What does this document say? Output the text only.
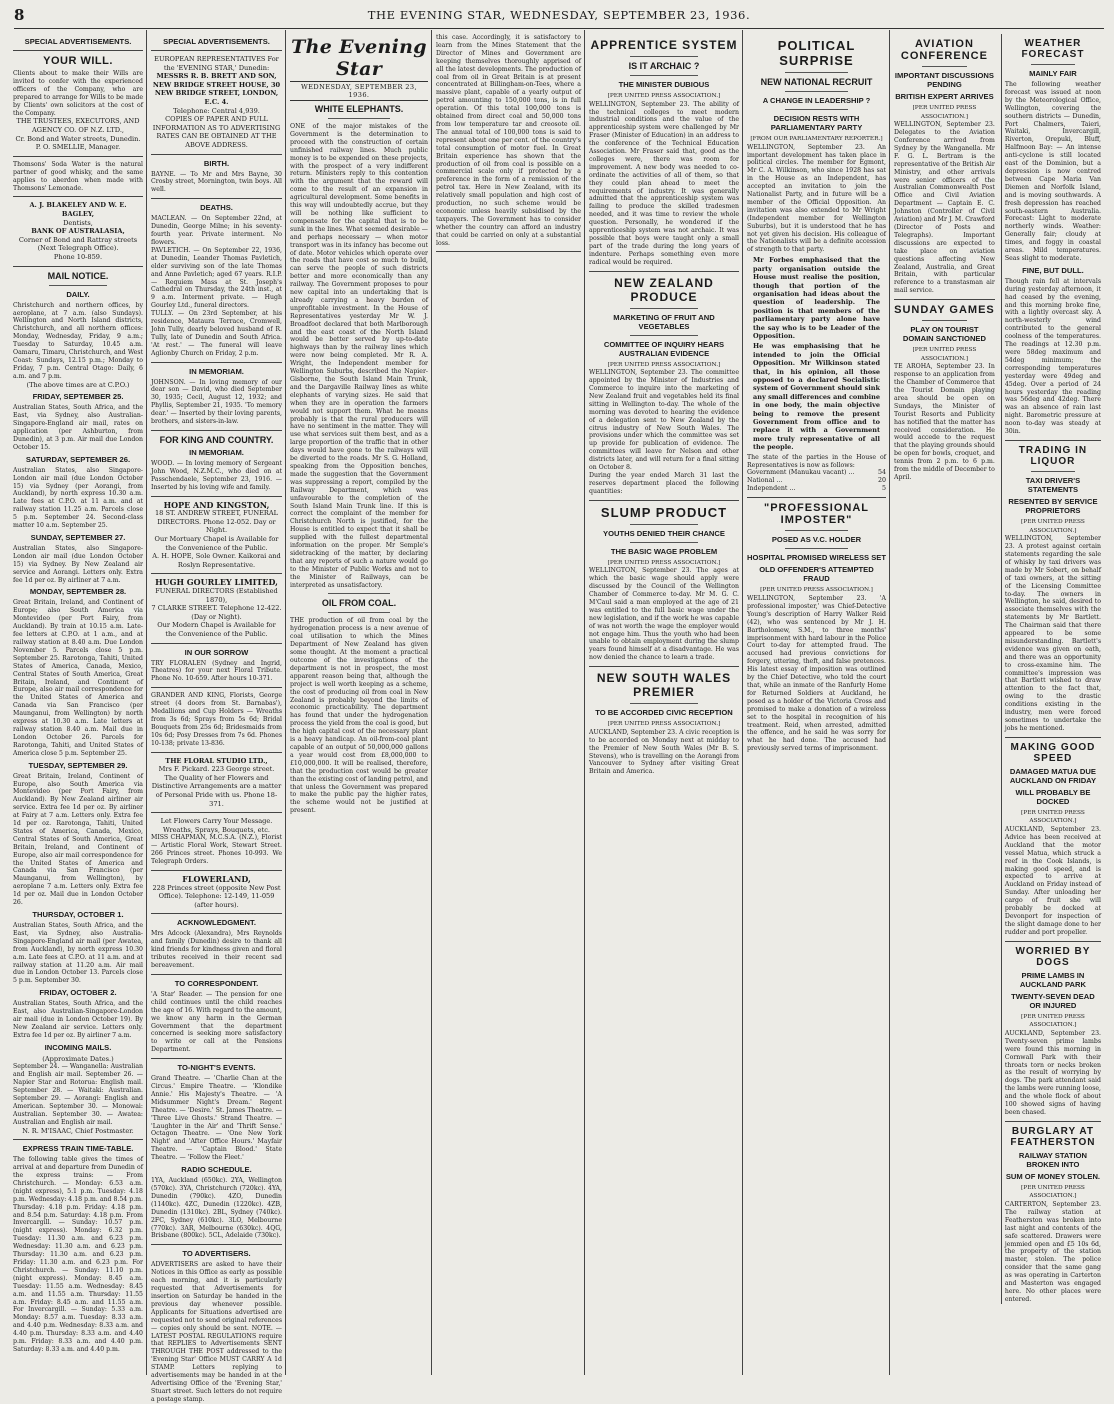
8	THE EVENING STAR, WEDNESDAY, SEPTEMBER 23, 1936.
SPECIAL ADVERTISEMENTS.
YOUR WILL.

Clients about to make their Wills are invited to confer with the experienced officers of the Company, who are prepared to arrange for Wills to be made by Clients' own solicitors at the cost of the Company.

THE TRUSTEES, EXECUTORS, AND AGENCY CO. OF N.Z. LTD.,
Cr. Bond and Water streets, Dunedin.
P. O. SMELLIE, Manager.

Thomsons' Soda Water is the natural partner of good whisky, and the same applies to aberdon when made with Thomsons' Lemonade.

A. J. BLAKELEY AND W. E. BAGLEY,
Dentists,
BANK OF AUSTRALASIA,
Corner of Bond and Rattray streets (Next Telegraph Office).
Phone 10-859.
MAIL NOTICE.
DAILY.

Christchurch and northern offices, by aeroplane, at 7 a.m. (also Sundays). Wellington and North Island districts, Christchurch, and all northern offices: Monday, Wednesday, Friday, 9 a.m.; Tuesday to Saturday, 10.45 a.m. Oamaru, Timaru, Christchurch, and West Coast: Sundays, 12.15 p.m.; Monday to Friday, 7 p.m. Central Otago: Daily, 6 a.m. and 7 p.m.

(The above times are at C.P.O.)
FRIDAY, SEPTEMBER 25.

Australian States, South Africa, and the East, via Sydney, also Australian-Singapore-England air mail, rates on application (per Ashburton, from Dunedin), at 3 p.m. Air mail due London October 15.

SATURDAY, SEPTEMBER 26.

Australian States, also Singapore-London air mail (due London October 15) via Sydney (per Aorangi, from Auckland), by north express 10.30 a.m. Late fees at C.P.O. at 11 a.m. and at railway station 11.25 a.m. Parcels close 5 p.m. September 24. Second-class matter 10 a.m. September 25.

SUNDAY, SEPTEMBER 27.

Australian States, also Singapore-London air mail (due London October 15) via Sydney. By New Zealand air service and Aorangi. Letters only. Extra fee 1d per oz. By airliner at 7 a.m.

MONDAY, SEPTEMBER 28.

Great Britain, Ireland, and Continent of Europe; also South America via Montevideo (per Port Fairy, from Auckland). By train at 10.15 a.m. Late-fee letters at C.P.O. at 1 a.m., and at railway station at 8.40 a.m. Due London November 5. Parcels close 5 p.m. September 25. Rarotonga, Tahiti, United States of America, Canada, Mexico, Central States of South America, Great Britain, Ireland, and Continent of Europe, also air mail correspondence for the United States of America and Canada via San Francisco (per Maunganui, from Wellington) by north express at 10.30 a.m. Late letters at railway station 8.40 a.m. Mail due in London October 26. Parcels for Rarotonga, Tahiti, and United States of America close 5 p.m. September 25.

TUESDAY, SEPTEMBER 29.

Great Britain, Ireland, Continent of Europe, also South America via Montevideo (per Port Fairy, from Auckland). By New Zealand airliner air service. Extra fee 1d per oz. By airliner at Fairy at 7 a.m. Letters only. Extra fee 1d per oz. Rarotonga, Tahiti, United States of America, Canada, Mexico, Central States of South America, Great Britain, Ireland, and Continent of Europe, also air mail correspondence for the United States of America and Canada via San Francisco (per Maunganui, from Wellington), by aeroplane 7 a.m. Letters only. Extra fee 1d per oz. Mail due in London October 26.

THURSDAY, OCTOBER 1.

Australian States, South Africa, and the East, via Sydney, also Australia-Singapore-England air mail (per Awatea, from Auckland), by north express 10.30 a.m. Late fees at C.P.O. at 11 a.m. and at railway station at 11.20 a.m. Air mail due in London October 13. Parcels close 5 p.m. September 30.

FRIDAY, OCTOBER 2.

Australian States, South Africa, and the East, also Australian-Singapore-London air mail (due in London October 19). By New Zealand air service. Letters only. Extra fee 1d per oz. By airliner 7 a.m.

INCOMING MAILS.
(Approximate Dates.)

September 24. — Wanganella: Australian and English air mail. September 26. — Napier Star and Rotorua: English mail. September 28. — Waitaki: Australian. September 29. — Aorangi: English and American. September 30. — Monowai: Australian. September 30. — Awatea: Australian and English air mail.

N. R. M'ISAAC, Chief Postmaster.
EXPRESS TRAIN TIME-TABLE.

The following table gives the times of arrival at and departure from Dunedin of the express trains: — From Christchurch. — Monday: 6.53 a.m. (night express), 5.1 p.m. Tuesday: 4.18 p.m. Wednesday: 4.18 p.m. and 8.54 p.m. Thursday: 4.18 p.m. Friday: 4.18 p.m. and 8.54 p.m. Saturday: 4.18 p.m. From Invercargill. — Sunday: 10.57 p.m. (night express). Monday: 6.32 p.m. Tuesday: 11.30 a.m. and 6.23 p.m. Wednesday: 11.30 a.m. and 6.23 p.m. Thursday: 11.30 a.m. and 6.23 p.m. Friday: 11.30 a.m. and 6.23 p.m. For Christchurch. — Sunday: 11.10 p.m. (night express). Monday: 8.45 a.m. Tuesday: 11.55 a.m. Wednesday: 8.45 a.m. and 11.55 a.m. Thursday: 11.55 a.m. Friday: 8.45 a.m. and 11.55 a.m. For Invercargill. — Sunday: 5.33 a.m. Monday: 8.57 a.m. Tuesday: 8.33 a.m. and 4.40 p.m. Wednesday: 8.33 a.m. and 4.40 p.m. Thursday: 8.33 a.m. and 4.40 p.m. Friday: 8.33 a.m. and 4.40 p.m. Saturday: 8.33 a.m. and 4.40 p.m.

SPECIAL ADVERTISEMENTS.
EUROPEAN REPRESENTATIVES For the 'EVENING STAR,' Dunedin:
MESSRS R. B. BRETT AND SON, NEW BRIDGE STREET HOUSE, 30 NEW BRIDGE STREET, LONDON, E.C. 4.
Telephone: Central 4,939.
COPIES OF PAPER AND FULL INFORMATION AS TO ADVERTISING RATES CAN BE OBTAINED AT THE ABOVE ADDRESS.
BIRTH.

BAYNE. — To Mr and Mrs Bayne, 30 Crosby street, Mornington, twin boys. All well.

DEATHS.

MACLEAN. — On September 22nd, at Dunedin, George Milne; in his seventy-fourth year. Private interment. No flowers.

PAVLETICH. — On September 22, 1936, at Dunedin, Leander Thomas Pavletich, elder surviving son of the late Thomas and Anne Pavletich; aged 67 years. R.I.P. — Requiem Mass at St. Joseph's Cathedral on Thursday, the 24th inst., at 9 a.m. Interment private. — Hugh Gourley Ltd., funeral directors.

TULLY. — On 23rd September, at his residence, Mataura Terrace, Cromwell, John Tully, dearly beloved husband of R. Tully, late of Dunedin and South Africa. 'At rest.' — The funeral will leave Aglionby Church on Friday, 2 p.m.

IN MEMORIAM.

JOHNSON. — In loving memory of our dear son — David, who died September 30, 1935; Cecil, August 12, 1932; and Phyllis, September 21, 1935. 'To memory dear.' — Inserted by their loving parents, brothers, and sisters-in-law.

FOR KING AND COUNTRY.
IN MEMORIAM.

WOOD. — In loving memory of Sergeant John Wood, N.Z.M.C., who died on at Passchendaele, September 23, 1916. — Inserted by his loving wife and family.

HOPE AND KINGSTON,
18 ST. ANDREW STREET, FUNERAL DIRECTORS. Phone 12-052. Day or Night.
Our Mortuary Chapel is Available for the Convenience of the Public.
A. H. HOPE, Sole Owner. Kaikorai and Roslyn Representative.
HUGH GOURLEY LIMITED,
FUNERAL DIRECTORS (Established 1870),
7 CLARKE STREET. Telephone 12-422. (Day or Night).
Our Modern Chapel is Available for the Convenience of the Public.
IN OUR SORROW

TRY FLORALEN (Sydney and Ingrid, Theatres) for your next Floral Tribute. Phone No. 10-659. After hours 10-371.

GRANDER AND KING, Florists, George street (4 doors from St. Barnabas'), Medallions and Cup Holders — Wreaths from 3s 6d; Sprays from 5s 6d; Bridal Bouquets from 25s 6d; Bridesmaids from 10s 6d; Posy Dresses from 7s 6d. Phones 10-138; private 13-836.

THE FLORAL STUDIO LTD.,
Mrs F. Pickard. 223 George street.
The Quality of her Flowers and Distinctive Arrangements are a matter of Personal Pride with us. Phone 18-371.
Let Flowers Carry Your Message. Wreaths, Sprays, Bouquets, etc.

MISS CHAPMAN, M.C.S.A. (N.Z.), Florist — Artistic Floral Work, Stewart Street. 266 Princes street. Phones 10-993. We Telegraph Orders.

FLOWERLAND,
228 Princes street (opposite New Post Office). Telephone: 12-149, 11-059 (after hours).
ACKNOWLEDGMENT.

Mrs Adcock (Alexandra), Mrs Reynolds and family (Dunedin) desire to thank all kind friends for kindness given and floral tributes received in their recent sad bereavement.

TO CORRESPONDENT.

'A Star' Reader. — The pension for one child continues until the child reaches the age of 16. With regard to the amount, we know any harm in the German Government that the department concerned is seeking more satisfactory to write or call at the Pensions Department.

TO-NIGHT'S EVENTS.

Grand Theatre. — 'Charlie Chan at the Circus.' Empire Theatre. — 'Klondike Annie.' His Majesty's Theatre. — 'A Midsummer Night's Dream.' Regent Theatre. — 'Desire.' St. James Theatre. — 'Three Live Ghosts.' Strand Theatre. — 'Laughter in the Air' and 'Thrift Sense.' Octagon Theatre. — 'One New York Night' and 'After Office Hours.' Mayfair Theatre. — 'Captain Blood.' State Theatre. — 'Follow the Fleet.'

RADIO SCHEDULE.

1YA, Auckland (650kc). 2YA, Wellington (570kc). 3YA, Christchurch (720kc). 4YA, Dunedin (790kc). 4ZO, Dunedin (1140kc). 4ZC, Dunedin (1220kc). 4ZB, Dunedin (1310kc). 2BL, Sydney (740kc). 2FC, Sydney (610kc). 3LO, Melbourne (770kc). 3AR, Melbourne (630kc). 4QG, Brisbane (800kc). 5CL, Adelaide (730kc).

TO ADVERTISERS.

ADVERTISERS are asked to have their Notices in this Office as early as possible each morning, and it is particularly requested that Advertisements for insertion on Saturday be handed in the previous day whenever possible. Applicants for Situations advertised are requested not to send original references — copies only should be sent. NOTE. — LATEST POSTAL REGULATIONS require that REPLIES to Advertisements SENT THROUGH THE POST addressed to the 'Evening Star' Office MUST CARRY A 1d STAMP. Letters replying to advertisements may be handed in at the Advertising Office of the 'Evening Star,' Stuart street. Such letters do not require a postage stamp.

The Evening Star
WEDNESDAY, SEPTEMBER 23, 1936.
WHITE ELEPHANTS.

ONE of the major mistakes of the Government is the determination to proceed with the construction of certain unfinished railway lines. Much public money is to be expended on these projects, with the prospect of a very indifferent return. Ministers reply to this contention with the argument that the reward will come to the result of an expansion in agricultural development. Some benefits in this way will undoubtedly accrue, but they will be nothing like sufficient to compensate for the capital that is to be sunk in the lines. What seemed desirable — and perhaps necessary — when motor transport was in its infancy has become out of date. Motor vehicles which operate over the roads that have cost so much to build, can serve the people of such districts better and more economically than any railway. The Government proposes to pour new capital into an undertaking that is already carrying a heavy burden of unprofitable investment. In the House of Representatives yesterday Mr W. J. Broadfoot declared that both Marlborough and the east coast of the North Island would be better served by up-to-date highways than by the railway lines which were now being completed. Mr R. A. Wright, the Independent member for Wellington Suburbs, described the Napier-Gisborne, the South Island Main Trunk, and the Dargaville Railway lines as white elephants of varying sizes. He said that when they are in operation the farmers would not support them. What he means probably is that the rural producers will have no sentiment in the matter. They will use what services suit them best, and as a large proportion of the traffic that in other days would have gone to the railways will be diverted to the roads. Mr S. G. Holland, speaking from the Opposition benches, made the suggestion that the Government was suppressing a report, compiled by the Railway Department, which was unfavourable to the completion of the South Island Main Trunk line. If this is correct the complaint of the member for Christchurch North is justified, for the House is entitled to expect that it shall be supplied with the fullest departmental information on the proper. Mr Semple's sidetracking of the matter, by declaring that any reports of such a nature would go to the Minister of Public Works and not to the Minister of Railways, can be interpreted as unsatisfactory.

OIL FROM COAL.

THE production of oil from coal by the hydrogenation process is a new avenue of coal utilisation to which the Mines Department of New Zealand has given some thought. At the moment a practical outcome of the investigations of the department is not in prospect, the most apparent reason being that, although the project is well worth keeping as a scheme, the cost of producing oil from coal in New Zealand is probably beyond the limits of economic practicability. The department has found that under the hydrogenation process the yield from the coal is good, but the high capital cost of the necessary plant is a heavy handicap. An oil-from-coal plant capable of an output of 50,000,000 gallons a year would cost from £8,000,000 to £10,000,000. It will be realised, therefore, that the production cost would be greater than the existing cost of landing petrol, and that unless the Government was prepared to make the public pay the higher rates, the scheme would not be justified at present.

this case. Accordingly, it is satisfactory to learn from the Mines Statement that the Director of Mines and Government are keeping themselves thoroughly apprised of all the latest developments. The production of coal from oil in Great Britain is at present concentrated at Billingham-on-Tees, where a massive plant, capable of a yearly output of petrol amounting to 150,000 tons, is in full operation. Of this total 100,000 tons is obtained from direct coal and 50,000 tons from low temperature tar and creosote oil. The annual total of 100,000 tons is said to represent about one per cent. of the country's total consumption of motor fuel. In Great Britain experience has shown that the production of oil from coal is possible on a commercial scale only if protected by a preference in the form of a remission of the petrol tax. Here in New Zealand, with its relatively small population and high cost of production, no such scheme would be economic unless heavily subsidised by the taxpayers. The Government has to consider whether the country can afford an industry that could be carried on only at a substantial loss.

APPRENTICE SYSTEM
IS IT ARCHAIC ?
THE MINISTER DUBIOUS
[PER UNITED PRESS ASSOCIATION.]

WELLINGTON, September 23. The ability of the technical colleges to meet modern industrial conditions and the value of the apprenticeship system were challenged by Mr Fraser (Minister of Education) in an address to the conference of the Technical Education Association. Mr Fraser said that, good as the colleges were, there was room for improvement. A new body was needed to co-ordinate the activities of all of them, so that they could plan ahead to meet the requirements of industry. It was generally admitted that the apprenticeship system was failing to produce the skilled tradesmen needed, and it was time to review the whole question. Personally, he wondered if the apprenticeship system was not archaic. It was possible that boys were taught only a small part of the trade during the long years of indenture. Perhaps something even more radical would be required.

NEW ZEALAND PRODUCE
MARKETING OF FRUIT AND VEGETABLES
COMMITTEE OF INQUIRY HEARS AUSTRALIAN EVIDENCE
[PER UNITED PRESS ASSOCIATION.]

WELLINGTON, September 23. The committee appointed by the Minister of Industries and Commerce to inquire into the marketing of New Zealand fruit and vegetables held its final sitting in Wellington to-day. The whole of the morning was devoted to hearing the evidence of a delegation sent to New Zealand by the citrus industry of New South Wales. The provisions under which the committee was set up provide for publication of evidence. The committees will leave for Nelson and other districts later, and will return for a final sitting on October 8.

During the year ended March 31 last the reserves department placed the following quantities:

SLUMP PRODUCT
YOUTHS DENIED THEIR CHANCE
THE BASIC WAGE PROBLEM
[PER UNITED PRESS ASSOCIATION.]

WELLINGTON, September 23. The ages at which the basic wage should apply were discussed by the Council of the Wellington Chamber of Commerce to-day. Mr M. G. C. M'Caul said a man employed at the age of 21 was entitled to the full basic wage under the new legislation, and if the work he was capable of was not worth the wage the employer would not engage him. Thus the youth who had been unable to obtain employment during the slump years found himself at a disadvantage. He was now denied the chance to learn a trade.

NEW SOUTH WALES PREMIER
TO BE ACCORDED CIVIC RECEPTION
[PER UNITED PRESS ASSOCIATION.]

AUCKLAND, September 23. A civic reception is to be accorded on Monday next at midday to the Premier of New South Wales (Mr B. S. Stevens), who is travelling on the Aorangi from Vancouver to Sydney after visiting Great Britain and America.

POLITICAL SURPRISE
NEW NATIONAL RECRUIT
A CHANGE IN LEADERSHIP ?
DECISION RESTS WITH PARLIAMENTARY PARTY
[FROM OUR PARLIAMENTARY REPORTER.]

WELLINGTON, September 23. An important development has taken place in political circles. The member for Egmont, Mr C. A. Wilkinson, who since 1928 has sat in the House as an Independent, has accepted an invitation to join the Nationalist Party, and in future will be a member of the Official Opposition. An invitation was also extended to Mr Wright (Independent member for Wellington Suburbs), but it is understood that he has not yet given his decision. His colleague of the Nationalists will be a definite accession of strength to that party.

Mr Forbes emphasised that the party organisation outside the House must realise the position, though that portion of the organisation had ideas about the question of leadership. The position is that members of the parliamentary party alone have the say who is to be Leader of the Opposition.

He was emphasising that he intended to join the Official Opposition. Mr Wilkinson stated that, in his opinion, all those opposed to a declared Socialistic system of Government should sink any small differences and combine in one body, the main objective being to remove the present Government from office and to replace it with a Government more truly representative of all the people.

The state of the parties in the House of Representatives is now as follows:

Government (Manukau vacant) ...	54
National ...	20
Independent ...	5
"PROFESSIONAL IMPOSTER"
POSED AS V.C. HOLDER
HOSPITAL PROMISED WIRELESS SET
OLD OFFENDER'S ATTEMPTED FRAUD
[PER UNITED PRESS ASSOCIATION.]

WELLINGTON, September 23. 'A professional imposter,' was Chief-Detective Young's description of Harry Walker Reid (42), who was sentenced by Mr J. H. Bartholomew, S.M., to three months' imprisonment with hard labour in the Police Court to-day for attempted fraud. The accused had previous convictions for forgery, uttering, theft, and false pretences. His latest essay of imposition was outlined by the Chief Detective, who told the court that, while an inmate of the Ranfurly Home for Returned Soldiers at Auckland, he posed as a holder of the Victoria Cross and promised to make a donation of a wireless set to the hospital in recognition of his treatment. Reid, when arrested, admitted the offence, and he said he was sorry for what he had done. The accused had previously served terms of imprisonment.

AVIATION CONFERENCE
IMPORTANT DISCUSSIONS PENDING
BRITISH EXPERT ARRIVES
[PER UNITED PRESS ASSOCIATION.]

WELLINGTON, September 23. Delegates to the Aviation Conference arrived from Sydney by the Wanganella. Mr F. G. L. Bertram is the representative of the British Air Ministry, and other arrivals were senior officers of the Australian Commonwealth Post Office and Civil Aviation Department — Captain E. C. Johnston (Controller of Civil Aviation) and Mr J. M. Crawford (Director of Posts and Telegraphs). Important discussions are expected to take place on aviation questions affecting New Zealand, Australia, and Great Britain, with particular reference to a transtasman air mail service.

SUNDAY GAMES
PLAY ON TOURIST DOMAIN SANCTIONED
[PER UNITED PRESS ASSOCIATION.]

TE AROHA, September 23. In response to an application from the Chamber of Commerce that the Tourist Domain playing area should be open on Sundays, the Minister of Tourist Resorts and Publicity has notified that the matter has received consideration. He would accede to the request that the playing grounds should be open for bowls, croquet, and tennis from 2 p.m. to 6 p.m. from the middle of December to April.

WEATHER FORECAST
MAINLY FAIR

The following weather forecast was issued at noon by the Meteorological Office, Wellington, covering the southern districts — Dunedin, Port Chalmers, Taieri, Waitaki, Invercargill, Riverton, Orepuki, Bluff, Halfmoon Bay: — An intense anti-cyclone is still located east of the Dominion, but a depression is now centred between Cape Maria Van Diemen and Norfolk Island, and is moving southwards. A fresh depression has reached south-eastern Australia. Forecast: Light to moderate northerly winds. Weather: Generally fair; cloudy at times, and foggy in coastal areas. Mild temperatures. Seas slight to moderate.

FINE, BUT DULL.

Though rain fell at intervals during yesterday afternoon, it had ceased by the evening, and this morning broke fine, with a lightly overcast sky. A north-westerly wind contributed to the general coolness of the temperatures. The readings at 12.30 p.m. were 58deg maximum and 54deg minimum; the corresponding temperatures yesterday were 49deg and 45deg. Over a period of 24 hours yesterday the reading was 56deg and 42deg. There was an absence of rain last night. Barometric pressure at noon to-day was steady at 30in.

TRADING IN LIQUOR
TAXI DRIVER'S STATEMENTS
RESENTED BY SERVICE PROPRIETORS
[PER UNITED PRESS ASSOCIATION.]

WELLINGTON, September 23. A protest against certain statements regarding the sale of whisky by taxi drivers was made by Mr Sobert, on behalf of taxi owners, at the sitting of the Licensing Committee to-day. The owners in Wellington, he said, desired to associate themselves with the statements by Mr Bartlett. The Chairman said that there appeared to be some misunderstanding. Bartlett's evidence was given on oath, and there was an opportunity to cross-examine him. The committee's impression was that Bartlett wished to draw attention to the fact that, owing to the drastic conditions existing in the industry, men were forced sometimes to undertake the jobs he mentioned.

MAKING GOOD SPEED
DAMAGED MATUA DUE AUCKLAND ON FRIDAY
WILL PROBABLY BE DOCKED
[PER UNITED PRESS ASSOCIATION.]

AUCKLAND, September 23. Advice has been received at Auckland that the motor vessel Matua, which struck a reef in the Cook Islands, is making good speed, and is expected to arrive at Auckland on Friday instead of Sunday. After unloading her cargo of fruit she will probably be docked at Devonport for inspection of the slight damage done to her rudder and port propeller.

WORRIED BY DOGS
PRIME LAMBS IN AUCKLAND PARK
TWENTY-SEVEN DEAD OR INJURED
[PER UNITED PRESS ASSOCIATION.]

AUCKLAND, September 23. Twenty-seven prime lambs were found this morning in Cornwall Park with their throats torn or necks broken as the result of worrying by dogs. The park attendant said the lambs were running loose, and the whole flock of about 100 showed signs of having been chased.

BURGLARY AT FEATHERSTON
RAILWAY STATION BROKEN INTO
SUM OF MONEY STOLEN.
[PER UNITED PRESS ASSOCIATION.]

CARTERTON, September 23. The railway station at Featherston was broken into last night and contents of the safe scattered. Drawers were jemmied open and £5 10s 6d, the property of the station master, stolen. The police consider that the same gang as was operating in Carterton and Masterton was engaged here. No other places were entered.
